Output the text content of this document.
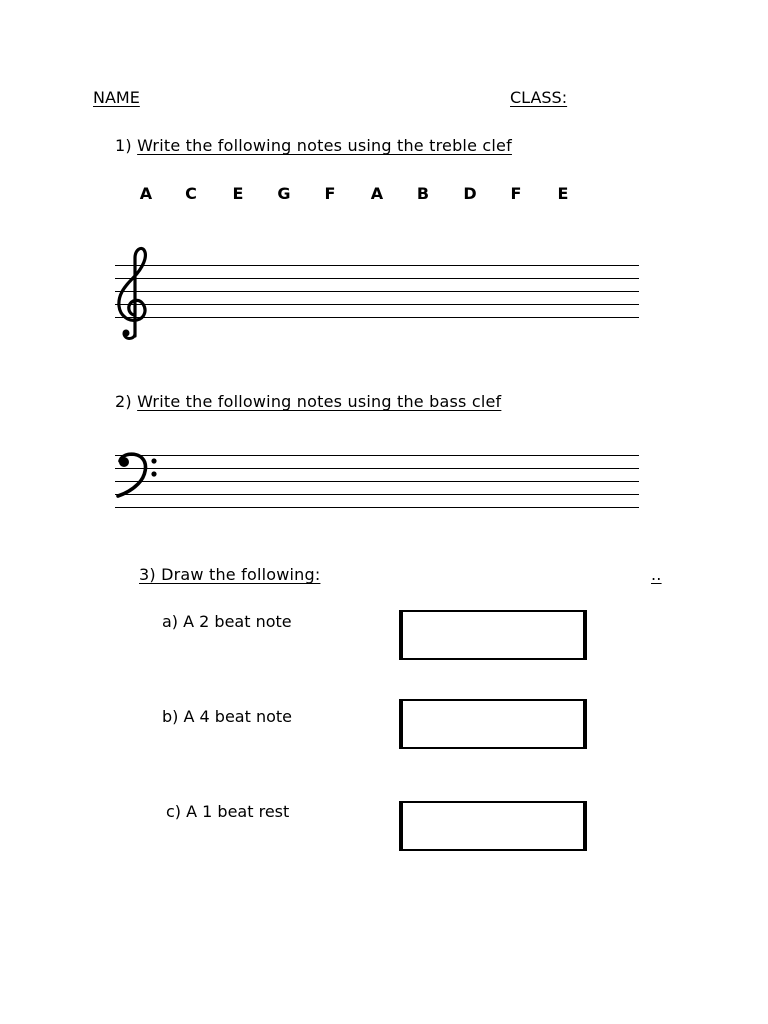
NAME	CLASS:
1) Write the following notes using the treble clef
A C E G F A B D F E
2) Write the following notes using the bass clef
3) Draw the following:	..
a) A 2 beat note
b) A 4 beat note
c) A 1 beat rest
